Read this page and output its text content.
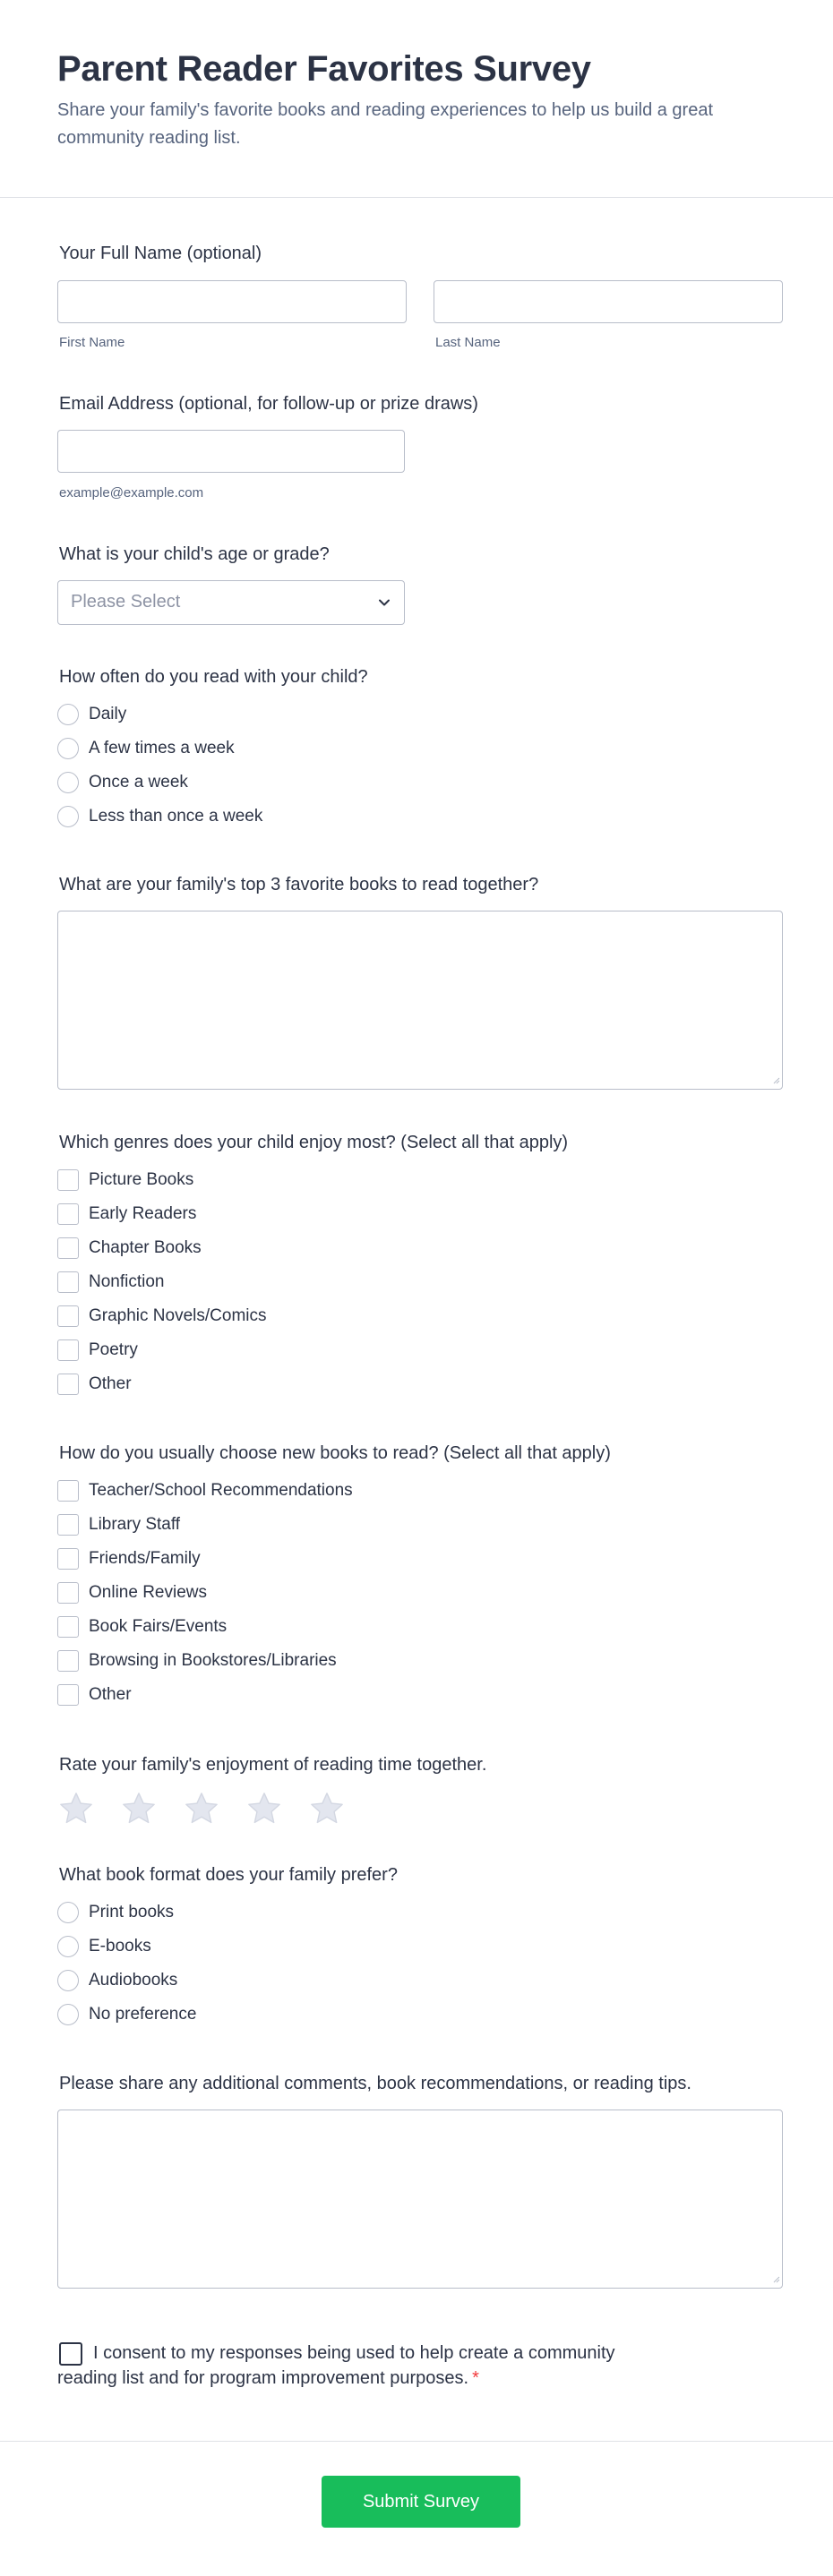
Parent Reader Favorites Survey

Share your family's favorite books and reading experiences to help us build a great community reading list.

Your Full Name (optional)
First Name	Last Name
Email Address (optional, for follow-up or prize draws)
example@example.com
What is your child's age or grade?
Please Select
How often do you read with your child?
Daily
A few times a week
Once a week
Less than once a week
What are your family's top 3 favorite books to read together?
Which genres does your child enjoy most? (Select all that apply)
Picture Books
Early Readers
Chapter Books
Nonfiction
Graphic Novels/Comics
Poetry
Other
How do you usually choose new books to read? (Select all that apply)
Teacher/School Recommendations
Library Staff
Friends/Family
Online Reviews
Book Fairs/Events
Browsing in Bookstores/Libraries
Other
Rate your family's enjoyment of reading time together.
What book format does your family prefer?
Print books
E-books
Audiobooks
No preference
Please share any additional comments, book recommendations, or reading tips.

I consent to my responses being used to help create a community reading list and for program improvement purposes. *

Submit Survey
